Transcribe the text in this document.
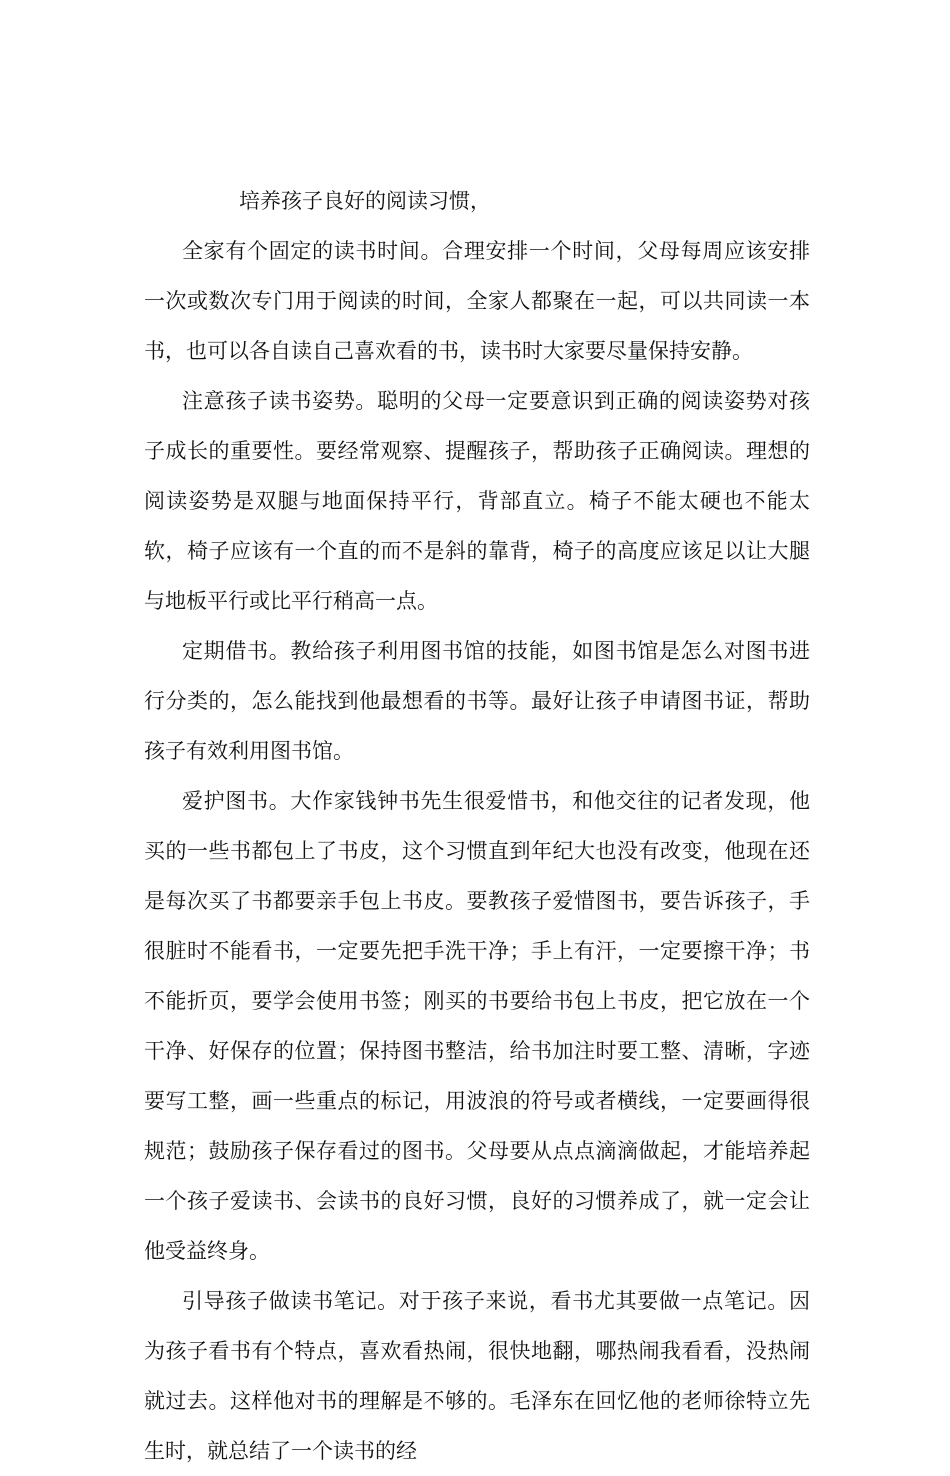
培养孩子良好的阅读习惯，

全家有个固定的读书时间。合理安排一个时间，父母每周应该安排一次或数次专门用于阅读的时间，全家人都聚在一起，可以共同读一本书，也可以各自读自己喜欢看的书，读书时大家要尽量保持安静。

注意孩子读书姿势。聪明的父母一定要意识到正确的阅读姿势对孩子成长的重要性。要经常观察、提醒孩子，帮助孩子正确阅读。理想的阅读姿势是双腿与地面保持平行，背部直立。椅子不能太硬也不能太软，椅子应该有一个直的而不是斜的靠背，椅子的高度应该足以让大腿与地板平行或比平行稍高一点。

定期借书。教给孩子利用图书馆的技能，如图书馆是怎么对图书进行分类的，怎么能找到他最想看的书等。最好让孩子申请图书证，帮助孩子有效利用图书馆。

爱护图书。大作家钱钟书先生很爱惜书，和他交往的记者发现，他买的一些书都包上了书皮，这个习惯直到年纪大也没有改变，他现在还是每次买了书都要亲手包上书皮。要教孩子爱惜图书，要告诉孩子，手很脏时不能看书，一定要先把手洗干净；手上有汗，一定要擦干净；书不能折页，要学会使用书签；刚买的书要给书包上书皮，把它放在一个干净、好保存的位置；保持图书整洁，给书加注时要工整、清晰，字迹要写工整，画一些重点的标记，用波浪的符号或者横线，一定要画得很规范；鼓励孩子保存看过的图书。父母要从点点滴滴做起，才能培养起一个孩子爱读书、会读书的良好习惯，良好的习惯养成了，就一定会让他受益终身。

引导孩子做读书笔记。对于孩子来说，看书尤其要做一点笔记。因为孩子看书有个特点，喜欢看热闹，很快地翻，哪热闹我看看，没热闹就过去。这样他对书的理解是不够的。毛泽东在回忆他的老师徐特立先生时，就总结了一个读书的经
